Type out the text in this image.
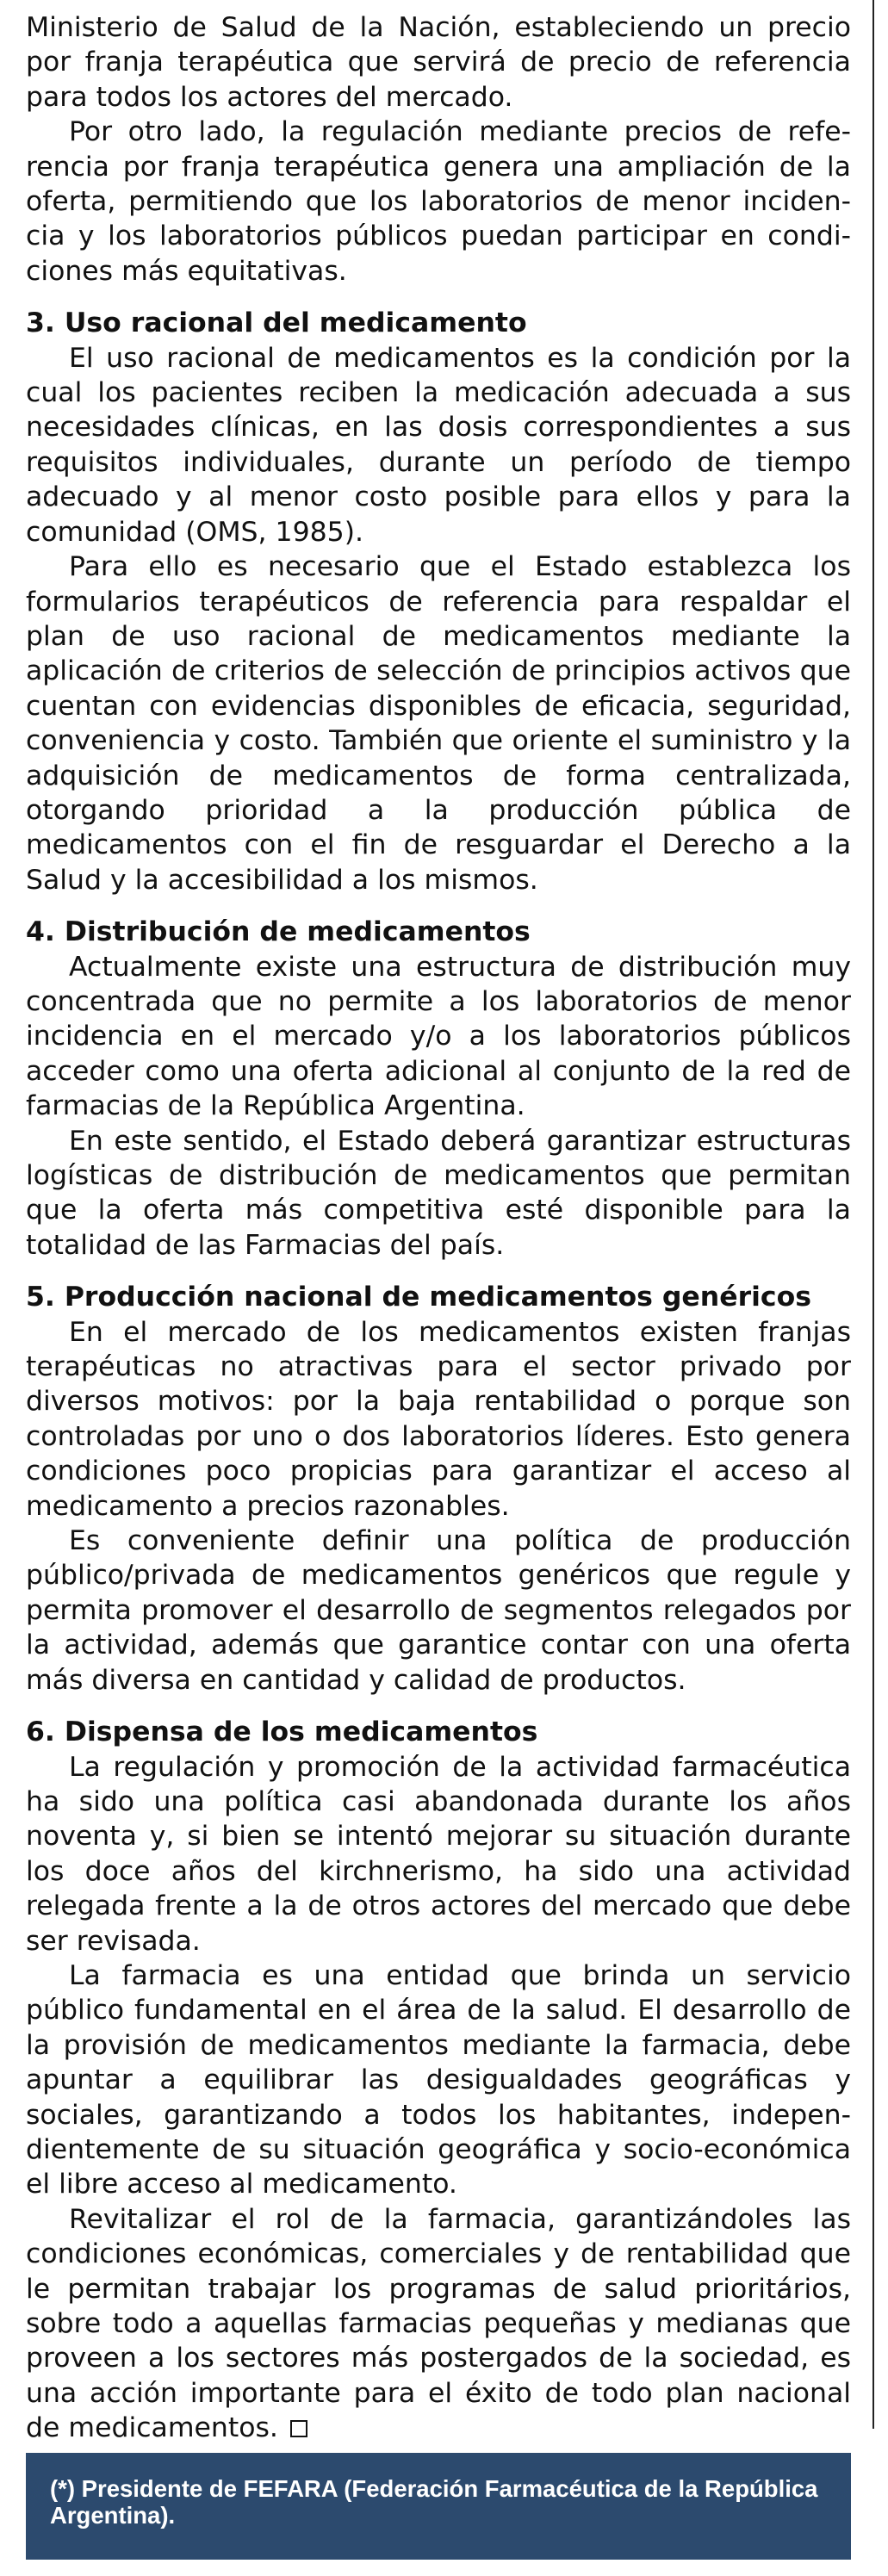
Ministerio de Salud de la Nación, estableciendo un precio por franja terapéutica que servirá de precio de referencia para todos los actores del mercado.

Por otro lado, la regulación mediante precios de referencia por franja terapéutica genera una ampliación de la oferta, permitiendo que los laboratorios de menor incidencia y los laboratorios públicos puedan participar en condiciones más equitativas.

3. Uso racional del medicamento

El uso racional de medicamentos es la condición por la cual los pacientes reciben la medicación adecuada a sus necesidades clínicas, en las dosis correspondientes a sus requisitos individuales, durante un período de tiempo adecuado y al menor costo posible para ellos y para la comunidad (OMS, 1985).

Para ello es necesario que el Estado establezca los formularios terapéuticos de referencia para respaldar el plan de uso racional de medicamentos mediante la aplicación de criterios de selección de principios activos que cuentan con evidencias disponibles de eficacia, seguridad, conveniencia y costo. También que oriente el suministro y la adquisición de medicamentos de forma centralizada, otorgando prioridad a la producción pública de medicamentos con el fin de resguardar el Derecho a la Salud y la accesibilidad a los mismos.

4. Distribución de medicamentos

Actualmente existe una estructura de distribución muy concentrada que no permite a los laboratorios de menor incidencia en el mercado y/o a los laboratorios públicos acceder como una oferta adicional al conjunto de la red de farmacias de la República Argentina.

En este sentido, el Estado deberá garantizar estructuras logísticas de distribución de medicamentos que permitan que la oferta más competitiva esté disponible para la totalidad de las Farmacias del país.

5. Producción nacional de medicamentos genéricos

En el mercado de los medicamentos existen franjas terapéuticas no atractivas para el sector privado por diversos motivos: por la baja rentabilidad o porque son controladas por uno o dos laboratorios líderes. Esto genera condiciones poco propicias para garantizar el acceso al medicamento a precios razonables.

Es conveniente definir una política de producción público/privada de medicamentos genéricos que regule y permita promover el desarrollo de segmentos relegados por la actividad, además que garantice contar con una oferta más diversa en cantidad y calidad de productos.

6. Dispensa de los medicamentos

La regulación y promoción de la actividad farmacéutica ha sido una política casi abandonada durante los años noventa y, si bien se intentó mejorar su situación durante los doce años del kirchnerismo, ha sido una actividad relegada frente a la de otros actores del mercado que debe ser revisada.

La farmacia es una entidad que brinda un servicio público fundamental en el área de la salud. El desarrollo de la provisión de medicamentos mediante la farmacia, debe apuntar a equilibrar las desigualdades geográficas y sociales, garantizando a todos los habitantes, independientemente de su situación geográfica y socio-económica el libre acceso al medicamento.

Revitalizar el rol de la farmacia, garantizándoles las condiciones económicas, comerciales y de rentabilidad que le permitan trabajar los programas de salud prioritários, sobre todo a aquellas farmacias pequeñas y medianas que proveen a los sectores más postergados de la sociedad, es una acción importante para el éxito de todo plan nacional de medicamentos.

(*) Presidente de FEFARA (Federación Farmacéutica de la República Argentina).
